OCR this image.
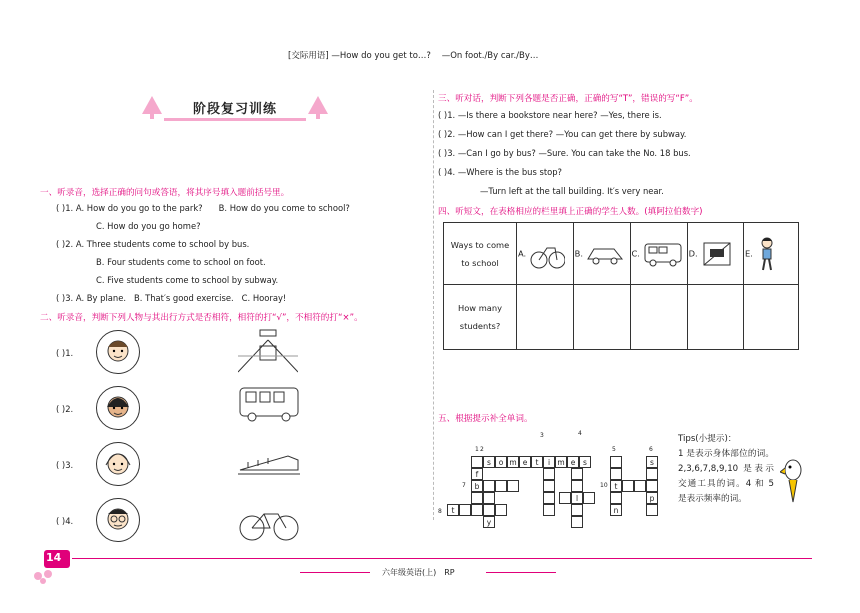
[交际用语] —How do you get to…? —On foot./By car./By…
阶段复习训练
一、听录音，选择正确的问句或答语，将其序号填入题前括号里。
( )1. A. How do you go to the park? B. How do you come to school?
C. How do you go home?
( )2. A. Three students come to school by bus.
B. Four students come to school on foot.
C. Five students come to school by subway.
( )3. A. By plane. B. That′s good exercise. C. Hooray!
二、听录音，判断下列人物与其出行方式是否相符，相符的打“√”，不相符的打“×”。
( )1.
( )2.
( )3.
( )4.
三、听对话，判断下列各题是否正确，正确的写“T”，错误的写“F”。
( )1. —Is there a bookstore near here? —Yes, there is.
( )2. —How can I get there? —You can get there by subway.
( )3. —Can I go by bus? —Sure. You can take the No. 18 bus.
( )4. —Where is the bus stop?
—Turn left at the tall building. It′s very near.
四、听短文，在表格相应的栏里填上正确的学生人数。(填阿拉伯数字)
Ways to come
to school	A.	B.	C.	D.	E.
How many
students?					
五、根据提示补全单词。
1 2
3	4
5	6
7
8
10
f
s	o m e	t	i m e	s
b
y
t
l
t
n
s
p
Tips(小提示)：
1 是表示身体部位的词。2,3,6,7,8,9,10 是表示交通工具的词。4 和 5 是表示频率的词。
14
六年级英语(上)　RP
